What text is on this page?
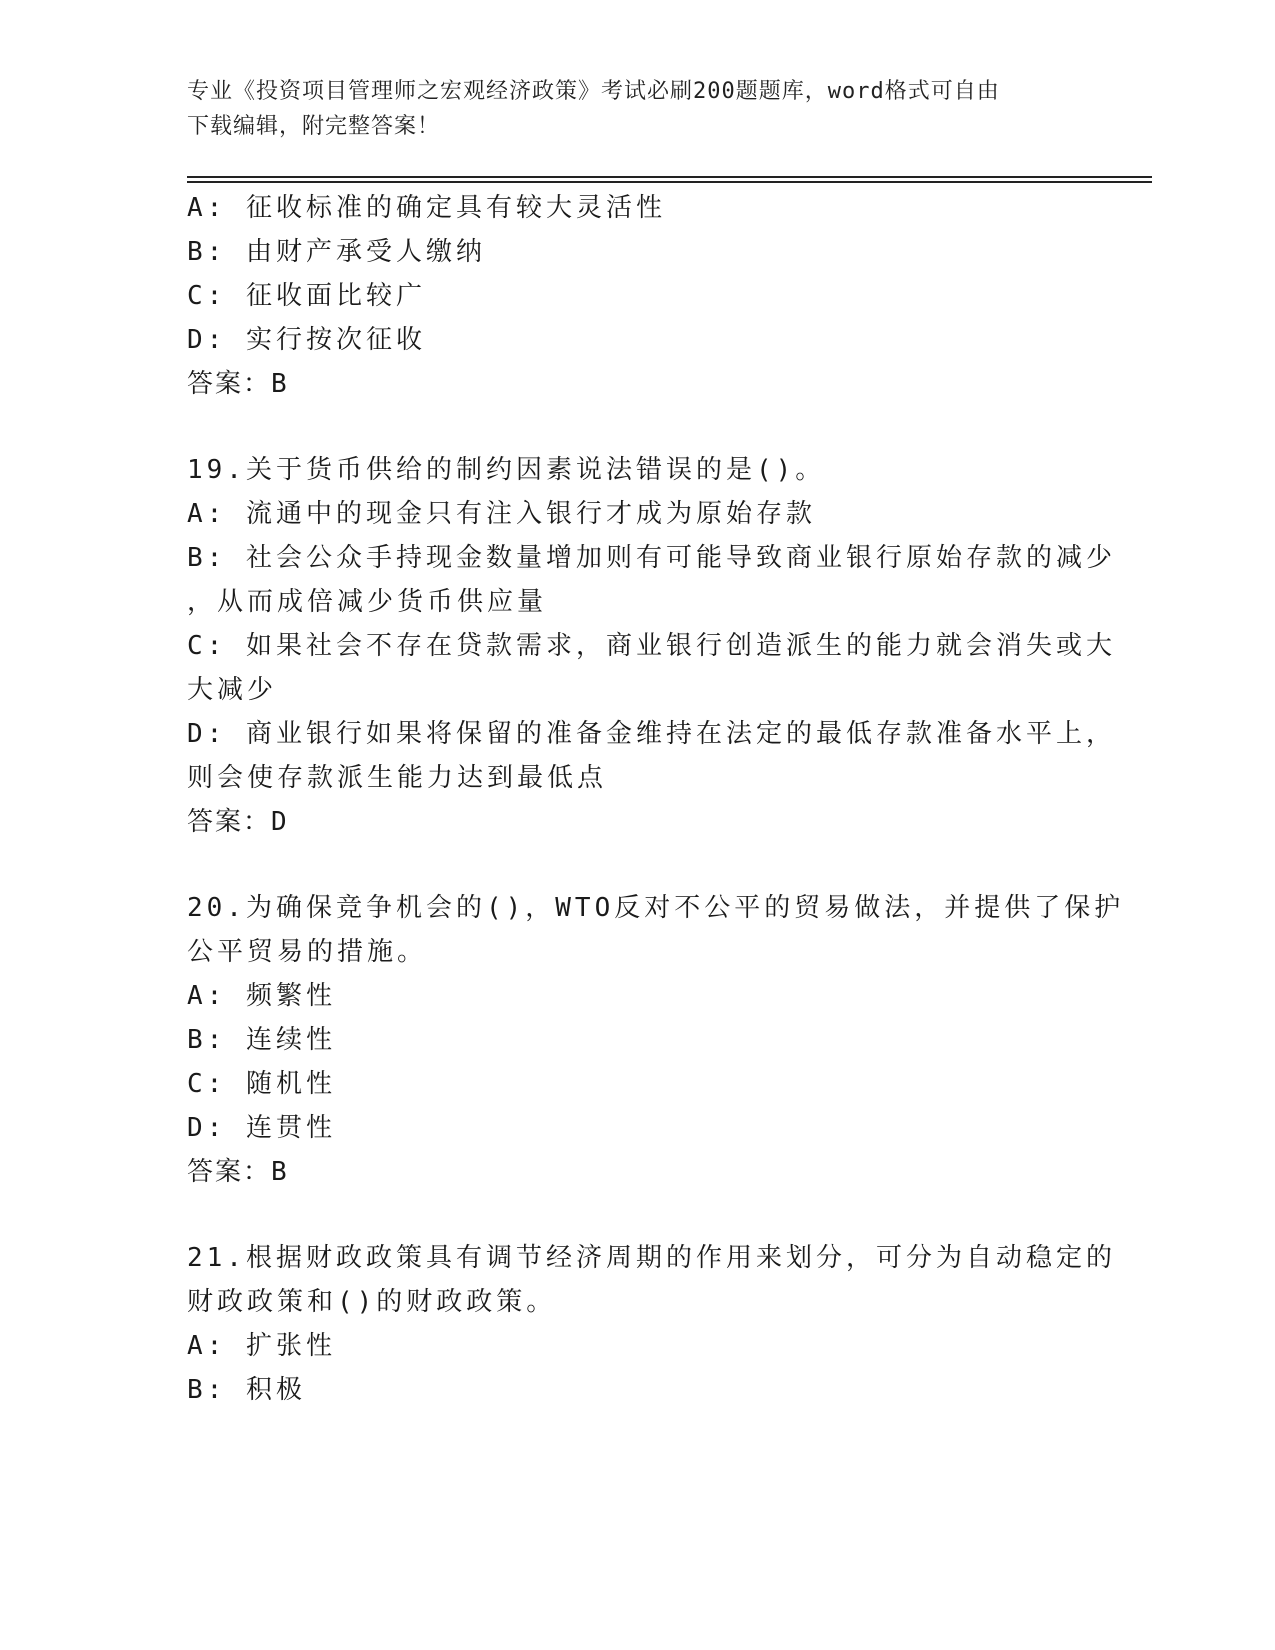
专业《投资项目管理师之宏观经济政策》考试必刷200题题库，word格式可自由
下载编辑，附完整答案！
A: 征收标准的确定具有较大灵活性
B: 由财产承受人缴纳
C: 征收面比较广
D: 实行按次征收
答案：B
19.关于货币供给的制约因素说法错误的是()。
A: 流通中的现金只有注入银行才成为原始存款
B: 社会公众手持现金数量增加则有可能导致商业银行原始存款的减少
，从而成倍减少货币供应量
C: 如果社会不存在贷款需求，商业银行创造派生的能力就会消失或大
大减少
D: 商业银行如果将保留的准备金维持在法定的最低存款准备水平上，
则会使存款派生能力达到最低点
答案：D
20.为确保竞争机会的()，WTO反对不公平的贸易做法，并提供了保护
公平贸易的措施。
A: 频繁性
B: 连续性
C: 随机性
D: 连贯性
答案：B
21.根据财政政策具有调节经济周期的作用来划分，可分为自动稳定的
财政政策和()的财政政策。
A: 扩张性
B: 积极
